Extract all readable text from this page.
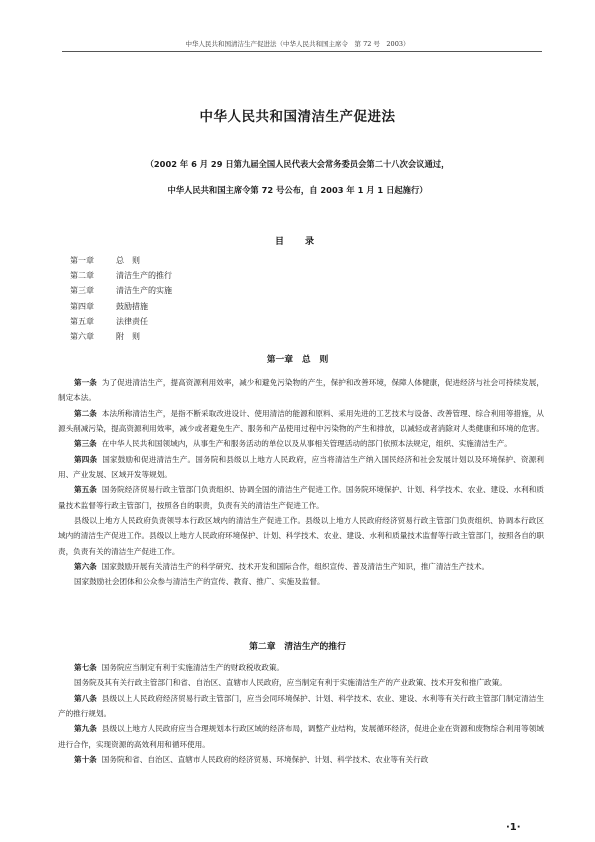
中华人民共和国清洁生产促进法（中华人民共和国主席令　第 72 号　2003）
中华人民共和国清洁生产促进法
（2002 年 6 月 29 日第九届全国人民代表大会常务委员会第二十八次会议通过，
中华人民共和国主席令第 72 号公布，自 2003 年 1 月 1 日起施行）
目　录
第一章	总　则
第二章	清洁生产的推行
第三章	清洁生产的实施
第四章	鼓励措施
第五章	法律责任
第六章	附　则
第一章　总　则

第一条 为了促进清洁生产，提高资源利用效率，减少和避免污染物的产生，保护和改善环境，保障人体健康，促进经济与社会可持续发展，制定本法。

第二条 本法所称清洁生产，是指不断采取改进设计、使用清洁的能源和原料、采用先进的工艺技术与设备、改善管理、综合利用等措施，从源头削减污染，提高资源利用效率，减少或者避免生产、服务和产品使用过程中污染物的产生和排放，以减轻或者消除对人类健康和环境的危害。

第三条 在中华人民共和国领域内，从事生产和服务活动的单位以及从事相关管理活动的部门依照本法规定，组织、实施清洁生产。

第四条 国家鼓励和促进清洁生产。国务院和县级以上地方人民政府，应当将清洁生产纳入国民经济和社会发展计划以及环境保护、资源利用、产业发展、区域开发等规划。

第五条 国务院经济贸易行政主管部门负责组织、协调全国的清洁生产促进工作。国务院环境保护、计划、科学技术、农业、建设、水利和质量技术监督等行政主管部门，按照各自的职责，负责有关的清洁生产促进工作。

县级以上地方人民政府负责领导本行政区域内的清洁生产促进工作。县级以上地方人民政府经济贸易行政主管部门负责组织、协调本行政区域内的清洁生产促进工作。县级以上地方人民政府环境保护、计划、科学技术、农业、建设、水利和质量技术监督等行政主管部门，按照各自的职责，负责有关的清洁生产促进工作。

第六条 国家鼓励开展有关清洁生产的科学研究、技术开发和国际合作，组织宣传、普及清洁生产知识，推广清洁生产技术。

国家鼓励社会团体和公众参与清洁生产的宣传、教育、推广、实施及监督。

第二章　清洁生产的推行

第七条 国务院应当制定有利于实施清洁生产的财政税收政策。

国务院及其有关行政主管部门和省、自治区、直辖市人民政府，应当制定有利于实施清洁生产的产业政策、技术开发和推广政策。

第八条 县级以上人民政府经济贸易行政主管部门，应当会同环境保护、计划、科学技术、农业、建设、水利等有关行政主管部门制定清洁生产的推行规划。

第九条 县级以上地方人民政府应当合理规划本行政区域的经济布局，调整产业结构，发展循环经济，促进企业在资源和废物综合利用等领域进行合作，实现资源的高效利用和循环使用。

第十条 国务院和省、自治区、直辖市人民政府的经济贸易、环境保护、计划、科学技术、农业等有关行政

·1·
